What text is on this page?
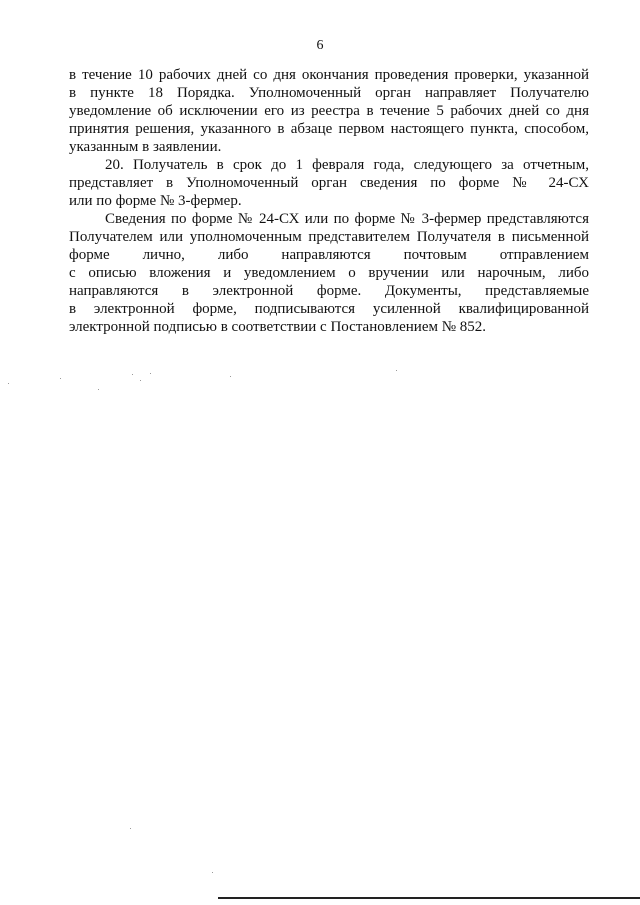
6
в течение 10 рабочих дней со дня окончания проведения проверки, указанной
в пункте 18 Порядка. Уполномоченный орган направляет Получателю
уведомление об исключении его из реестра в течение 5 рабочих дней со дня
принятия решения, указанного в абзаце первом настоящего пункта, способом,
указанным в заявлении.
20. Получатель в срок до 1 февраля года, следующего за отчетным,
представляет в Уполномоченный орган сведения по форме № 24-СХ
или по форме № 3-фермер.
Сведения по форме № 24-СХ или по форме № 3-фермер представляются
Получателем или уполномоченным представителем Получателя в письменной
форме лично, либо направляются почтовым отправлением
с описью вложения и уведомлением о вручении или нарочным, либо
направляются в электронной форме. Документы, представляемые
в электронной форме, подписываются усиленной квалифицированной
электронной подписью в соответствии с Постановлением № 852.
